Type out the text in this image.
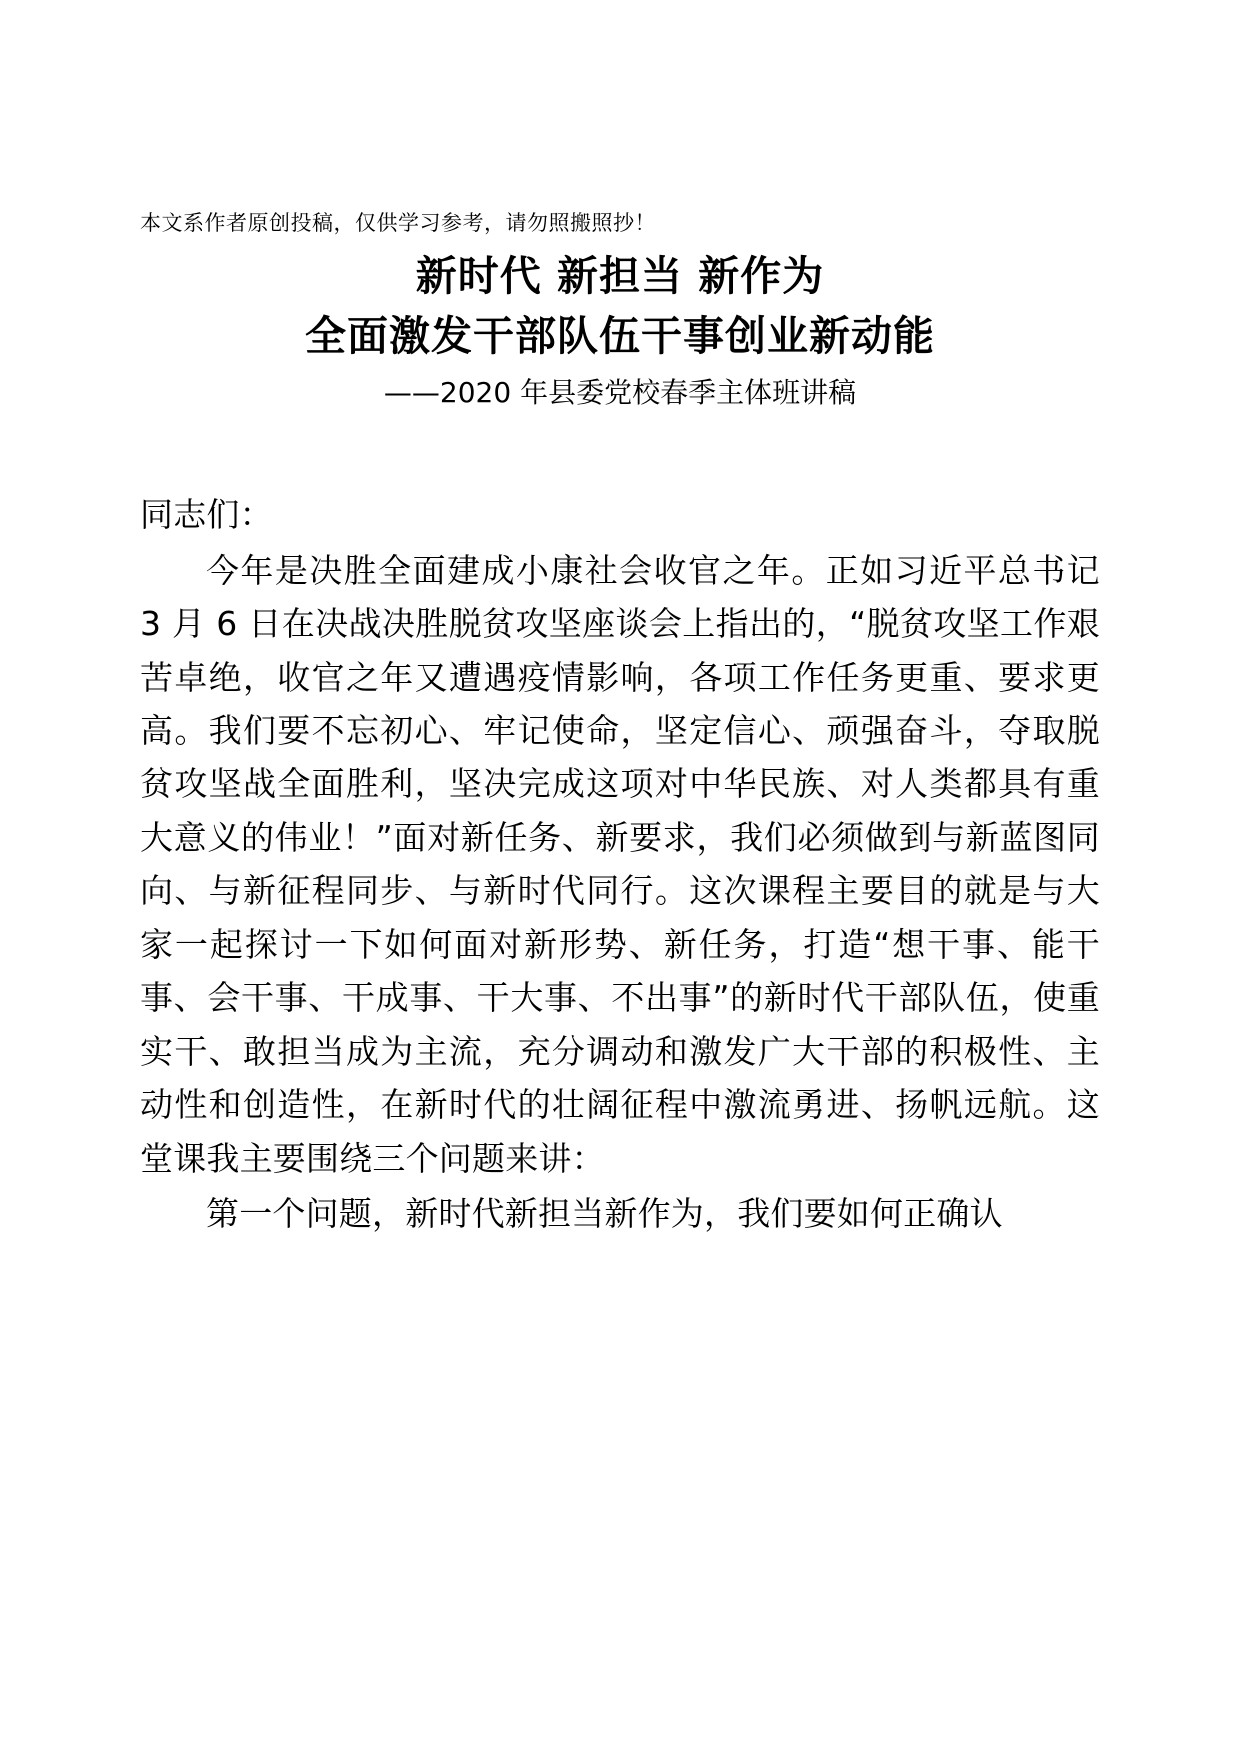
本文系作者原创投稿，仅供学习参考，请勿照搬照抄！
新时代 新担当 新作为
全面激发干部队伍干事创业新动能
——2020 年县委党校春季主体班讲稿

同志们：

今年是决胜全面建成小康社会收官之年。正如习近平总书记 3 月 6 日在决战决胜脱贫攻坚座谈会上指出的，“脱贫攻坚工作艰苦卓绝，收官之年又遭遇疫情影响，各项工作任务更重、要求更高。我们要不忘初心、牢记使命，坚定信心、顽强奋斗，夺取脱贫攻坚战全面胜利，坚决完成这项对中华民族、对人类都具有重大意义的伟业！”面对新任务、新要求，我们必须做到与新蓝图同向、与新征程同步、与新时代同行。这次课程主要目的就是与大家一起探讨一下如何面对新形势、新任务，打造“想干事、能干事、会干事、干成事、干大事、不出事”的新时代干部队伍，使重实干、敢担当成为主流，充分调动和激发广大干部的积极性、主动性和创造性，在新时代的壮阔征程中激流勇进、扬帆远航。这堂课我主要围绕三个问题来讲：

第一个问题，新时代新担当新作为，我们要如何正确认
